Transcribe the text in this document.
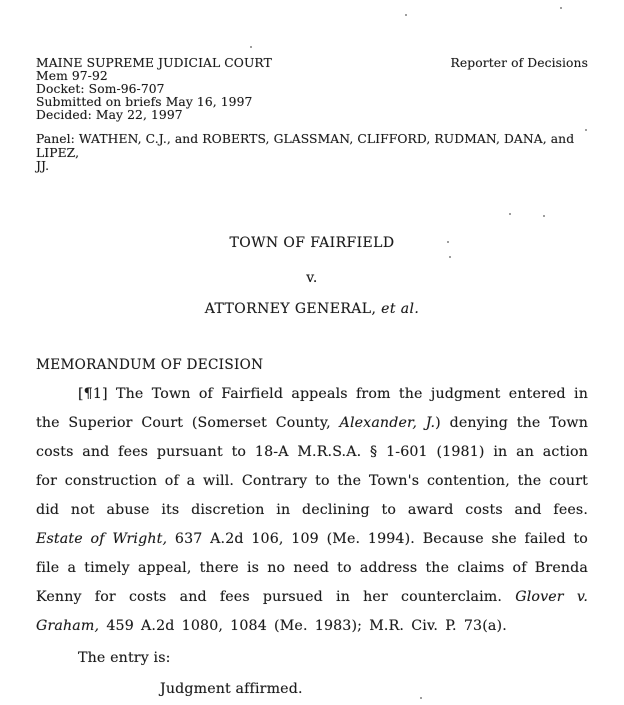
MAINE SUPREME JUDICIAL COURT	Reporter of Decisions
Mem 97-92
Docket: Som-96-707
Submitted on briefs May 16, 1997
Decided: May 22, 1997
Panel: WATHEN, C.J., and ROBERTS, GLASSMAN, CLIFFORD, RUDMAN, DANA, and LIPEZ,
JJ.
TOWN OF FAIRFIELD
v.
ATTORNEY GENERAL, et al.
MEMORANDUM OF DECISION

[¶1] The Town of Fairfield appeals from the judgment entered in the Superior Court (Somerset County, Alexander, J.) denying the Town costs and fees pursuant to 18-A M.R.S.A. § 1-601 (1981) in an action for construction of a will. Contrary to the Town's contention, the court did not abuse its discretion in declining to award costs and fees. Estate of Wright, 637 A.2d 106, 109 (Me. 1994). Because she failed to file a timely appeal, there is no need to address the claims of Brenda Kenny for costs and fees pursued in her counterclaim. Glover v. Graham, 459 A.2d 1080, 1084 (Me. 1983); M.R. Civ. P. 73(a).

The entry is:
Judgment affirmed.
